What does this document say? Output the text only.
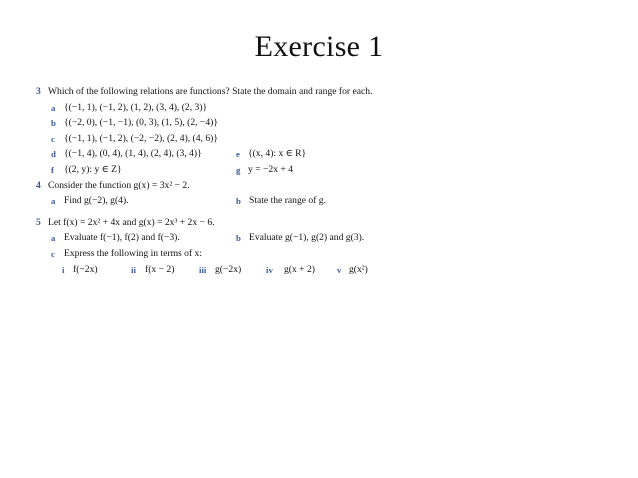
Exercise 1
3 Which of the following relations are functions? State the domain and range for each.
a {(−1, 1), (−1, 2), (1, 2), (3, 4), (2, 3)}
b {(−2, 0), (−1, −1), (0, 3), (1, 5), (2, −4)}
c {(−1, 1), (−1, 2), (−2, −2), (2, 4), (4, 6)}
d {(−1, 4), (0, 4), (1, 4), (2, 4), (3, 4)}	e {(x, 4): x ∈ R}
f {(2, y): y ∈ Z}	g y = −2x + 4
4 Consider the function g(x) = 3x² − 2.
a Find g(−2), g(4).	b State the range of g.
5 Let f(x) = 2x² + 4x and g(x) = 2x³ + 2x − 6.
a Evaluate f(−1), f(2) and f(−3).	b Evaluate g(−1), g(2) and g(3).
c Express the following in terms of x:
i f(−2x)	ii f(x − 2)	iii g(−2x)	iv g(x + 2)	v g(x²)
